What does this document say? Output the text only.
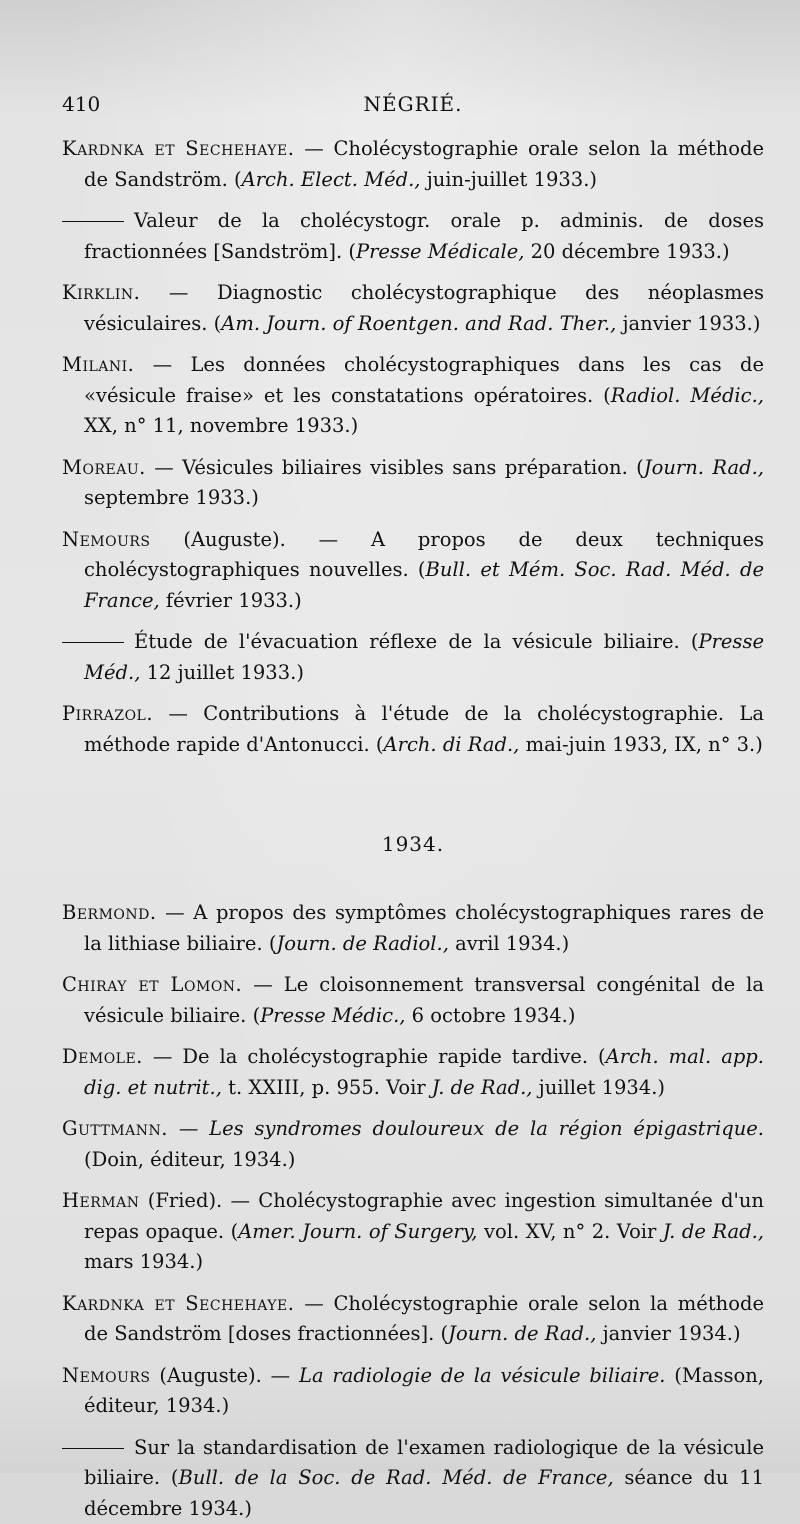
410	NÉGRIÉ.

Kardnka et Sechehaye. — Cholécystographie orale selon la méthode de Sandström. (Arch. Elect. Méd., juin-juillet 1933.)

Valeur de la cholécystogr. orale p. adminis. de doses fractionnées [Sandström]. (Presse Médicale, 20 décembre 1933.)

Kirklin. — Diagnostic cholécystographique des néoplasmes vésiculaires. (Am. Journ. of Roentgen. and Rad. Ther., janvier 1933.)

Milani. — Les données cholécystographiques dans les cas de «vésicule fraise» et les constatations opératoires. (Radiol. Médic., XX, n° 11, novembre 1933.)

Moreau. — Vésicules biliaires visibles sans préparation. (Journ. Rad., septembre 1933.)

Nemours (Auguste). — A propos de deux techniques cholécystographiques nouvelles. (Bull. et Mém. Soc. Rad. Méd. de France, février 1933.)

Étude de l'évacuation réflexe de la vésicule biliaire. (Presse Méd., 12 juillet 1933.)

Pirrazol. — Contributions à l'étude de la cholécystographie. La méthode rapide d'Antonucci. (Arch. di Rad., mai-juin 1933, IX, n° 3.)

1934.

Bermond. — A propos des symptômes cholécystographiques rares de la lithiase biliaire. (Journ. de Radiol., avril 1934.)

Chiray et Lomon. — Le cloisonnement transversal congénital de la vésicule biliaire. (Presse Médic., 6 octobre 1934.)

Demole. — De la cholécystographie rapide tardive. (Arch. mal. app. dig. et nutrit., t. XXIII, p. 955. Voir J. de Rad., juillet 1934.)

Guttmann. — Les syndromes douloureux de la région épigastrique. (Doin, éditeur, 1934.)

Herman (Fried). — Cholécystographie avec ingestion simultanée d'un repas opaque. (Amer. Journ. of Surgery, vol. XV, n° 2. Voir J. de Rad., mars 1934.)

Kardnka et Sechehaye. — Cholécystographie orale selon la méthode de Sandström [doses fractionnées]. (Journ. de Rad., janvier 1934.)

Nemours (Auguste). — La radiologie de la vésicule biliaire. (Masson, éditeur, 1934.)

Sur la standardisation de l'examen radiologique de la vésicule biliaire. (Bull. de la Soc. de Rad. Méd. de France, séance du 11 décembre 1934.)
